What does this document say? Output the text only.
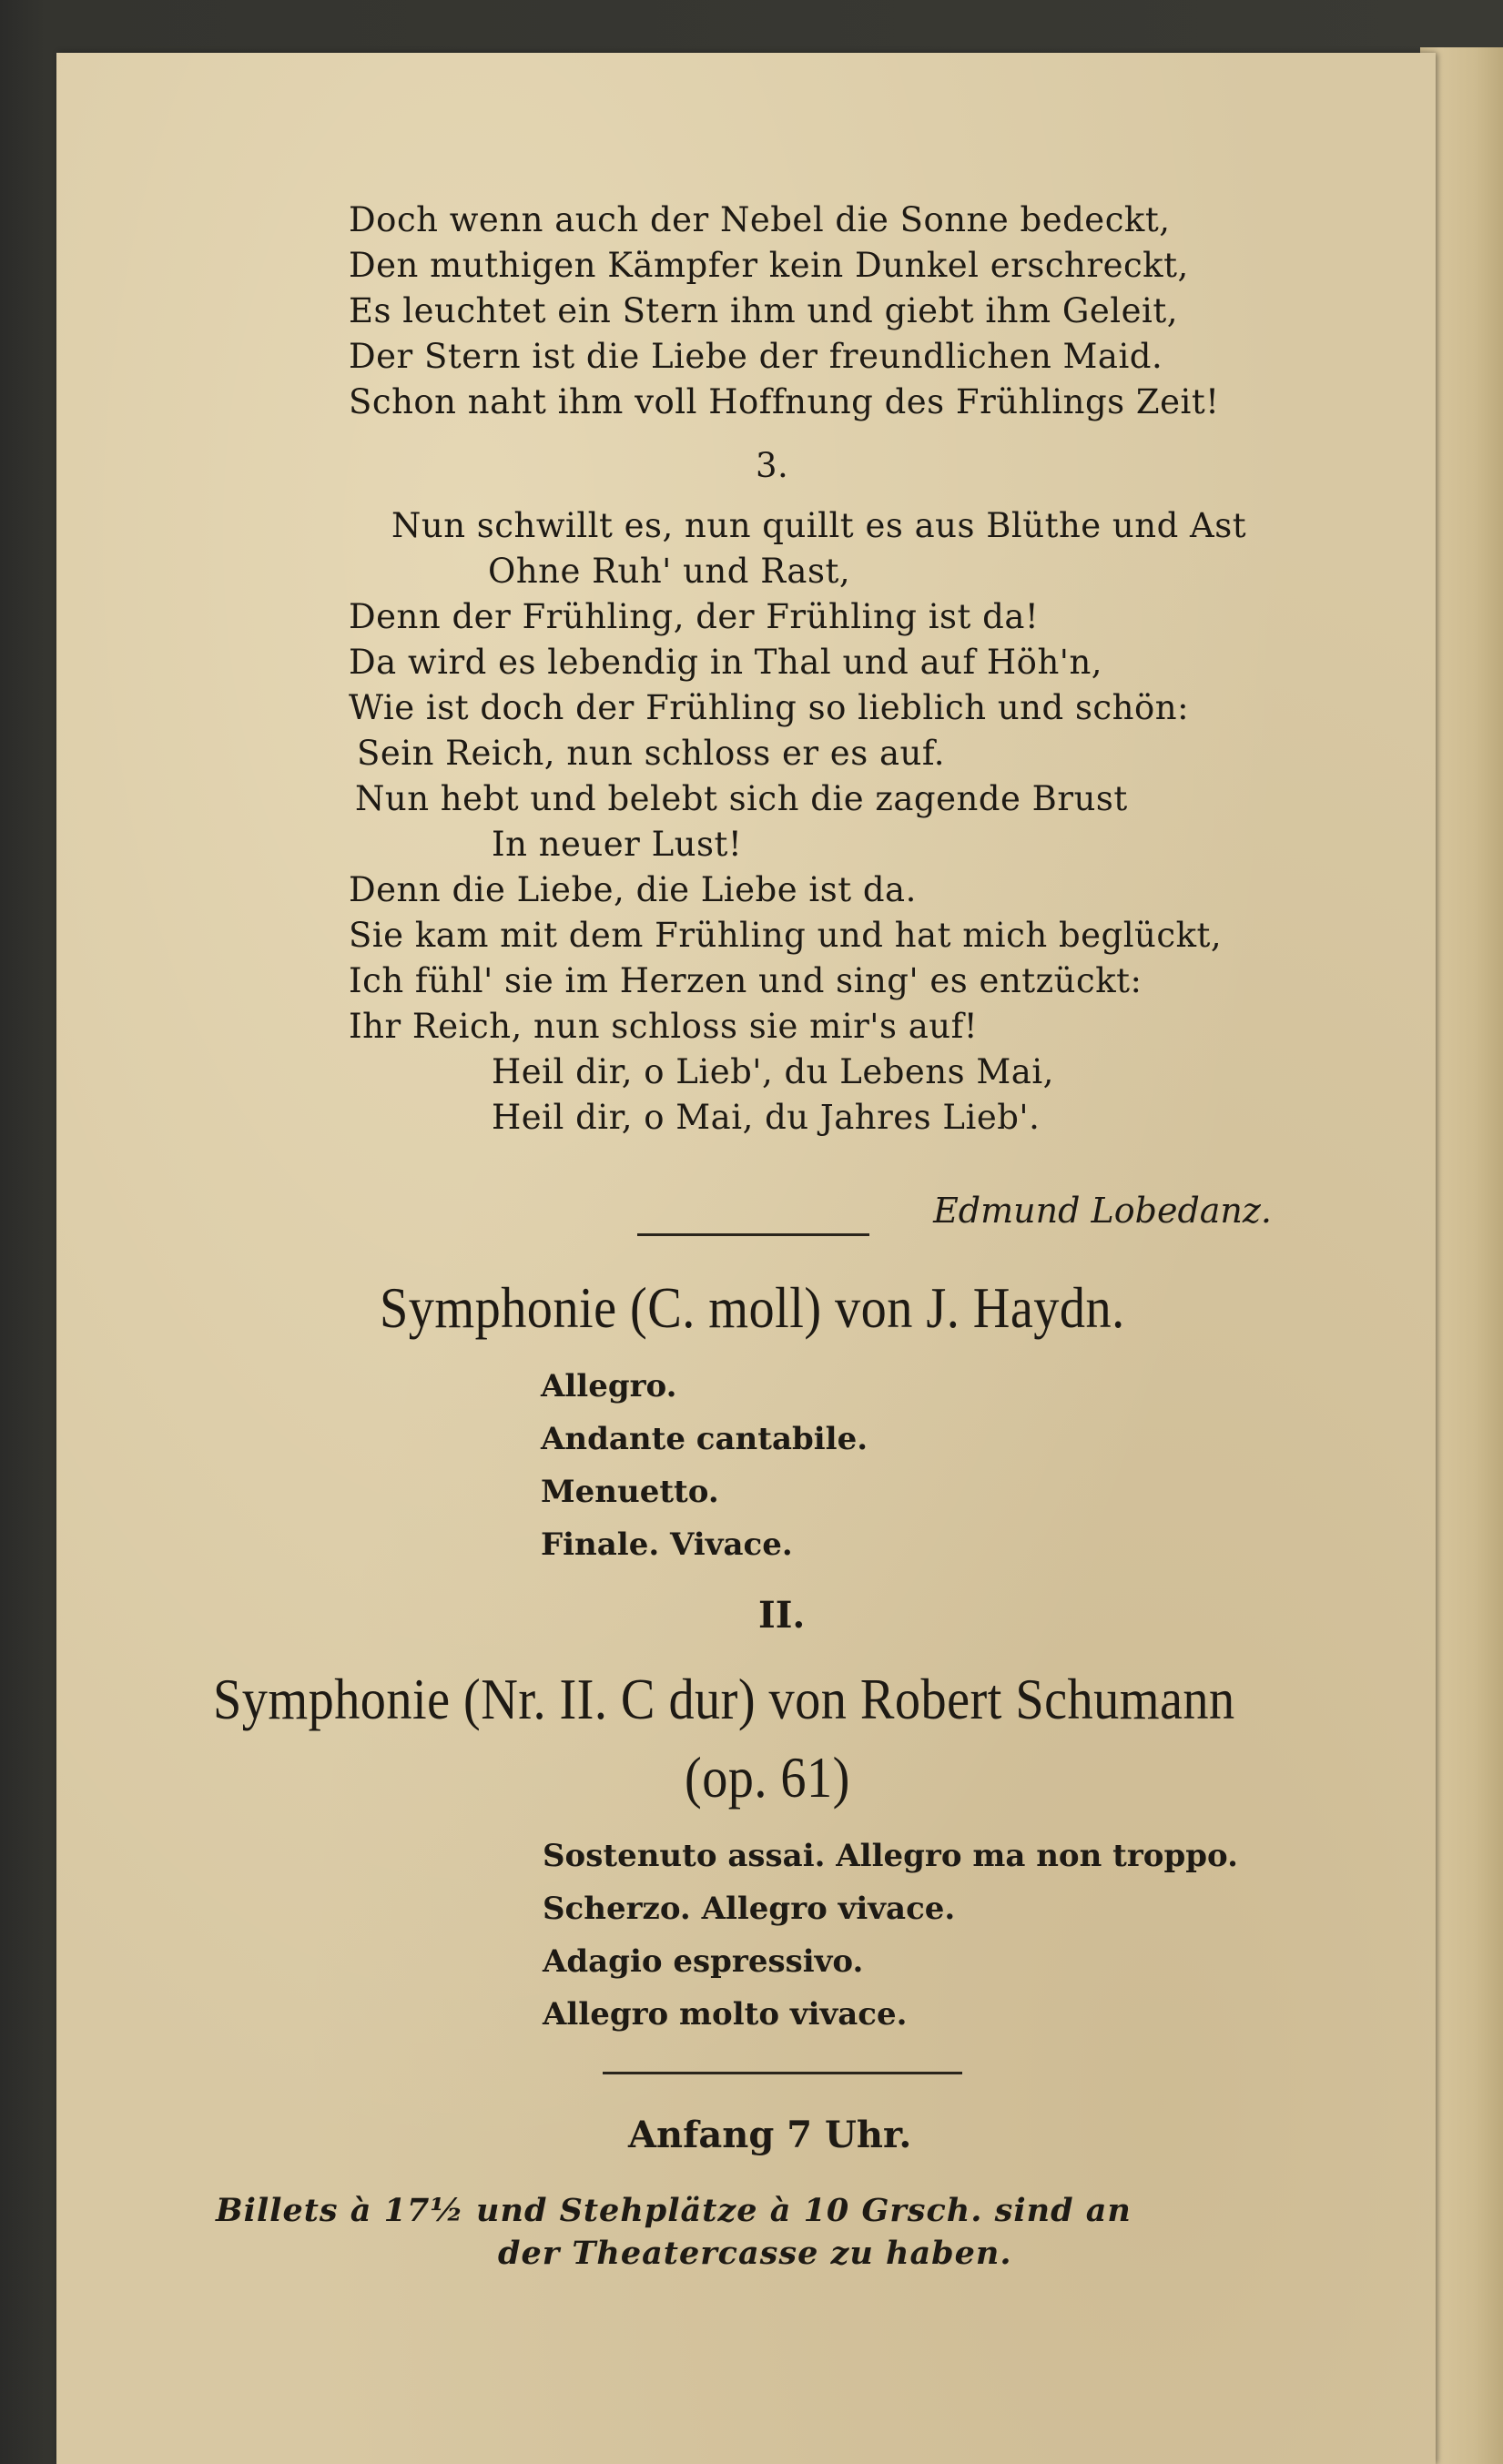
Doch wenn auch der Nebel die Sonne bedeckt,
Den muthigen Kämpfer kein Dunkel erschreckt,
Es leuchtet ein Stern ihm und giebt ihm Geleit,
Der Stern ist die Liebe der freundlichen Maid.
Schon naht ihm voll Hoffnung des Frühlings Zeit!
3.
Nun schwillt es, nun quillt es aus Blüthe und Ast
Ohne Ruh' und Rast,
Denn der Frühling, der Frühling ist da!
Da wird es lebendig in Thal und auf Höh'n,
Wie ist doch der Frühling so lieblich und schön:
Sein Reich, nun schloss er es auf.
Nun hebt und belebt sich die zagende Brust
In neuer Lust!
Denn die Liebe, die Liebe ist da.
Sie kam mit dem Frühling und hat mich beglückt,
Ich fühl' sie im Herzen und sing' es entzückt:
Ihr Reich, nun schloss sie mir's auf!
Heil dir, o Lieb', du Lebens Mai,
Heil dir, o Mai, du Jahres Lieb'.
Edmund Lobedanz.
Symphonie (C. moll) von J. Haydn.
Allegro.
Andante cantabile.
Menuetto.
Finale. Vivace.
II.
Symphonie (Nr. II. C dur) von Robert Schumann
(op. 61)
Sostenuto assai. Allegro ma non troppo.
Scherzo. Allegro vivace.
Adagio espressivo.
Allegro molto vivace.
Anfang 7 Uhr.
Billets à 17½ und Stehplätze à 10 Grsch. sind an
der Theatercasse zu haben.
